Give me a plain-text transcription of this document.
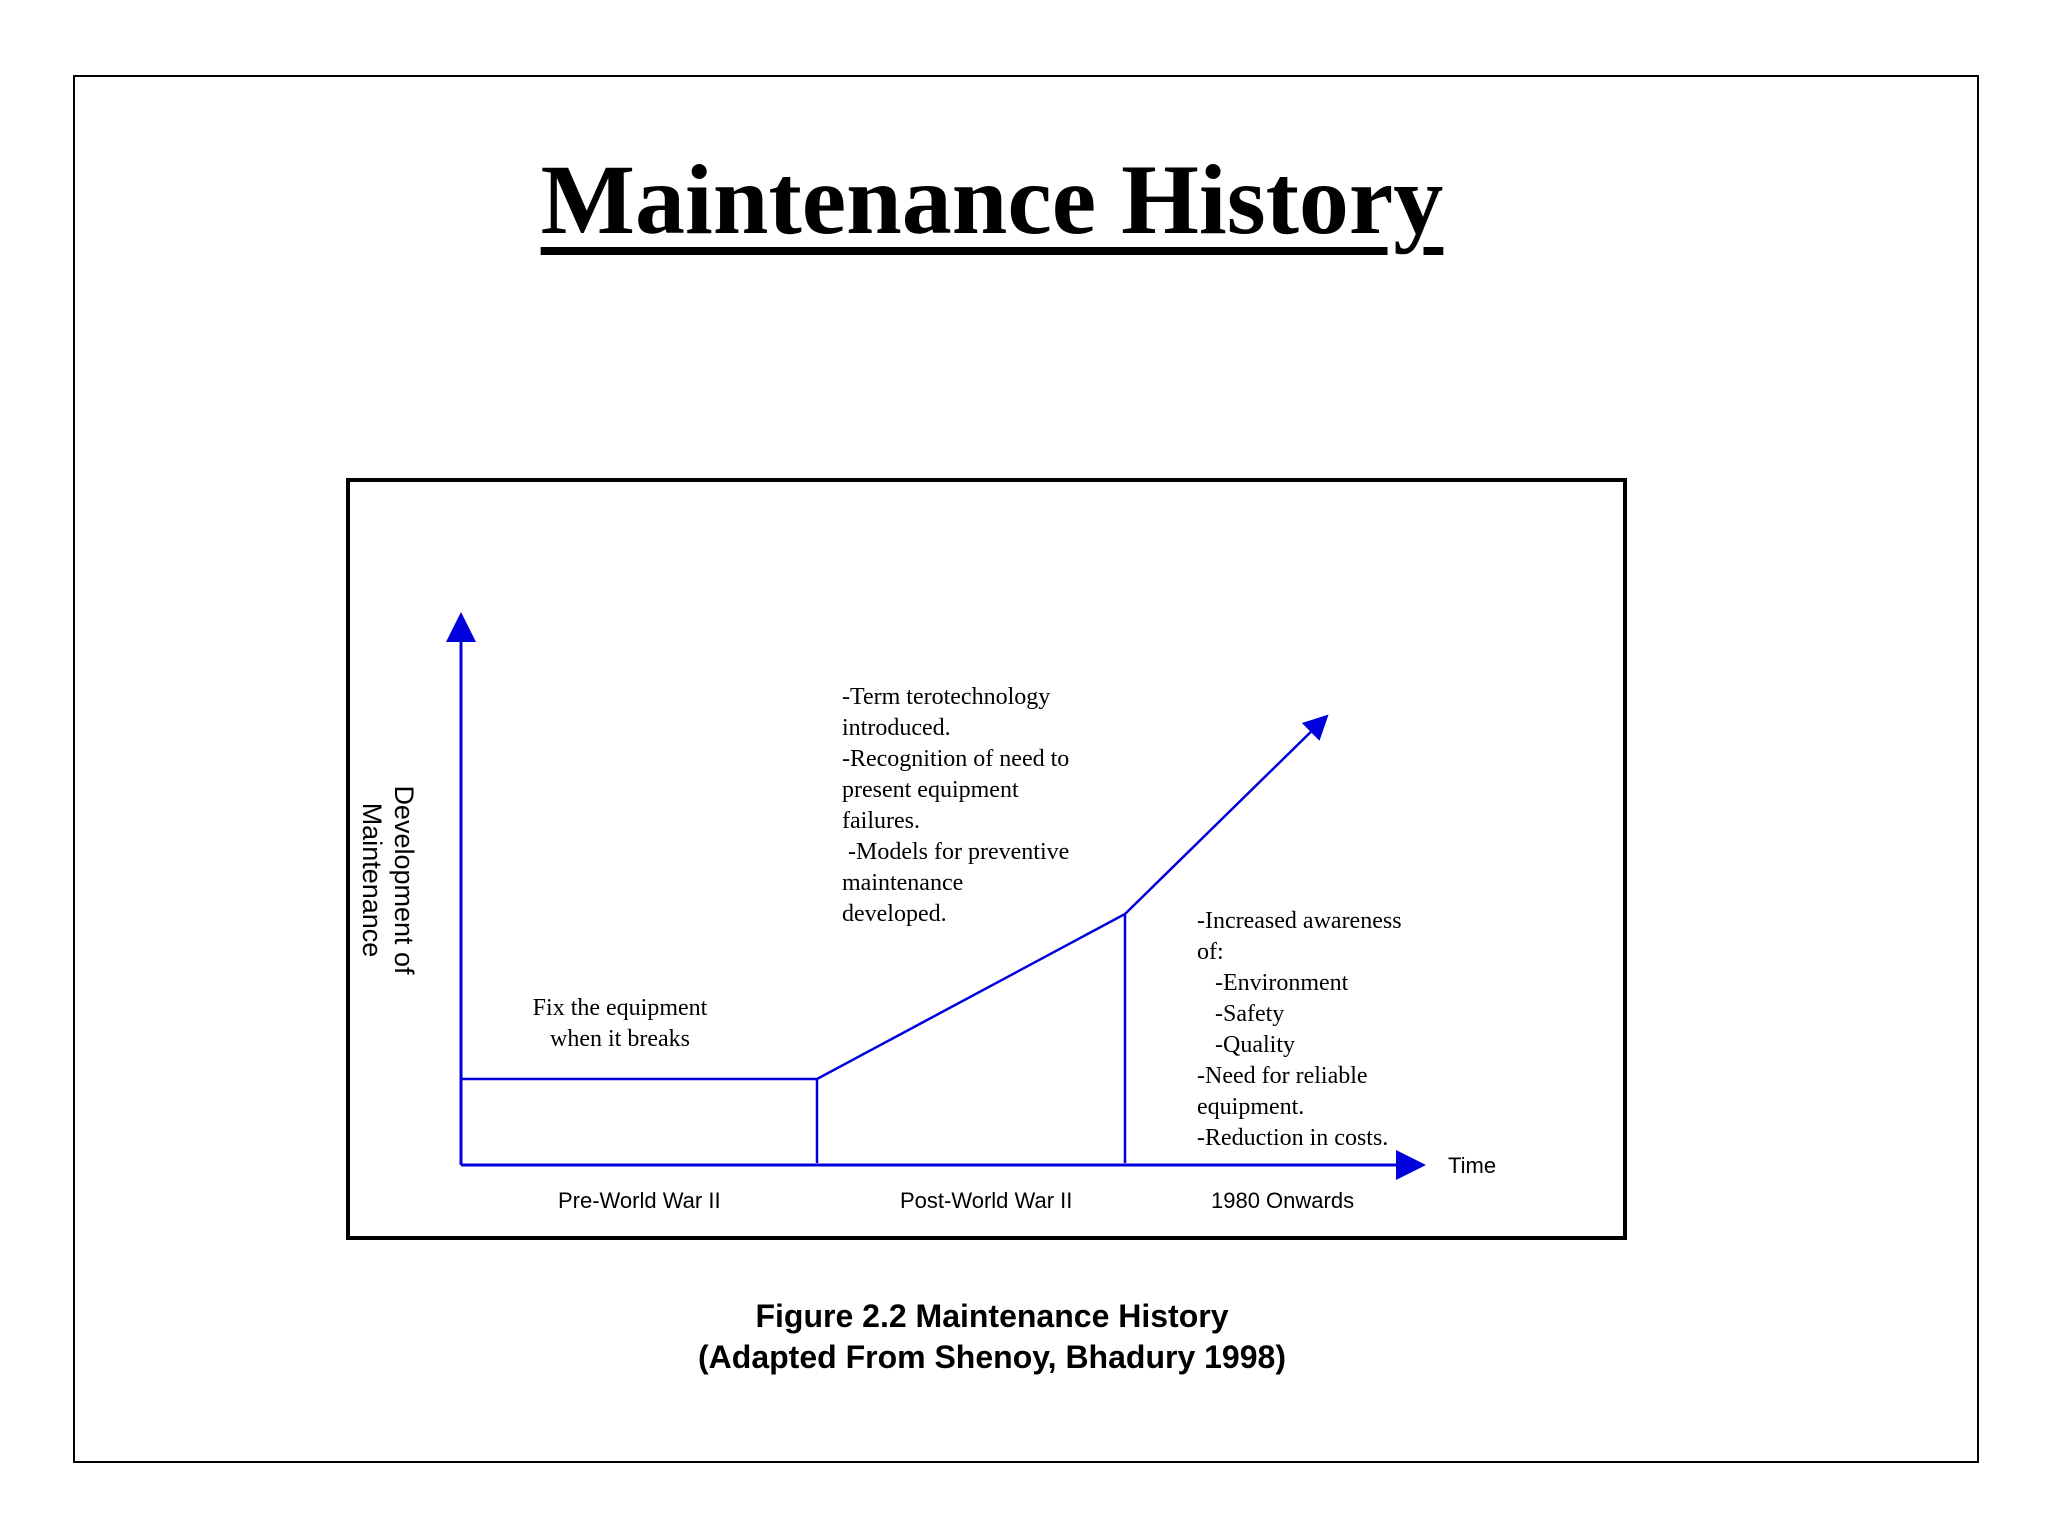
Maintenance History
Development of Maintenance
Time
Pre-World War II	Post-World War II	1980 Onwards
Fix the equipment
when it breaks
-Term terotechnology
introduced.
-Recognition of need to
present equipment
failures.
-Models for preventive
maintenance
developed.	-Increased awareness
of:
-Environment
-Safety
-Quality
-Need for reliable
equipment.
-Reduction in costs.
Figure 2.2 Maintenance History
(Adapted From Shenoy, Bhadury 1998)
